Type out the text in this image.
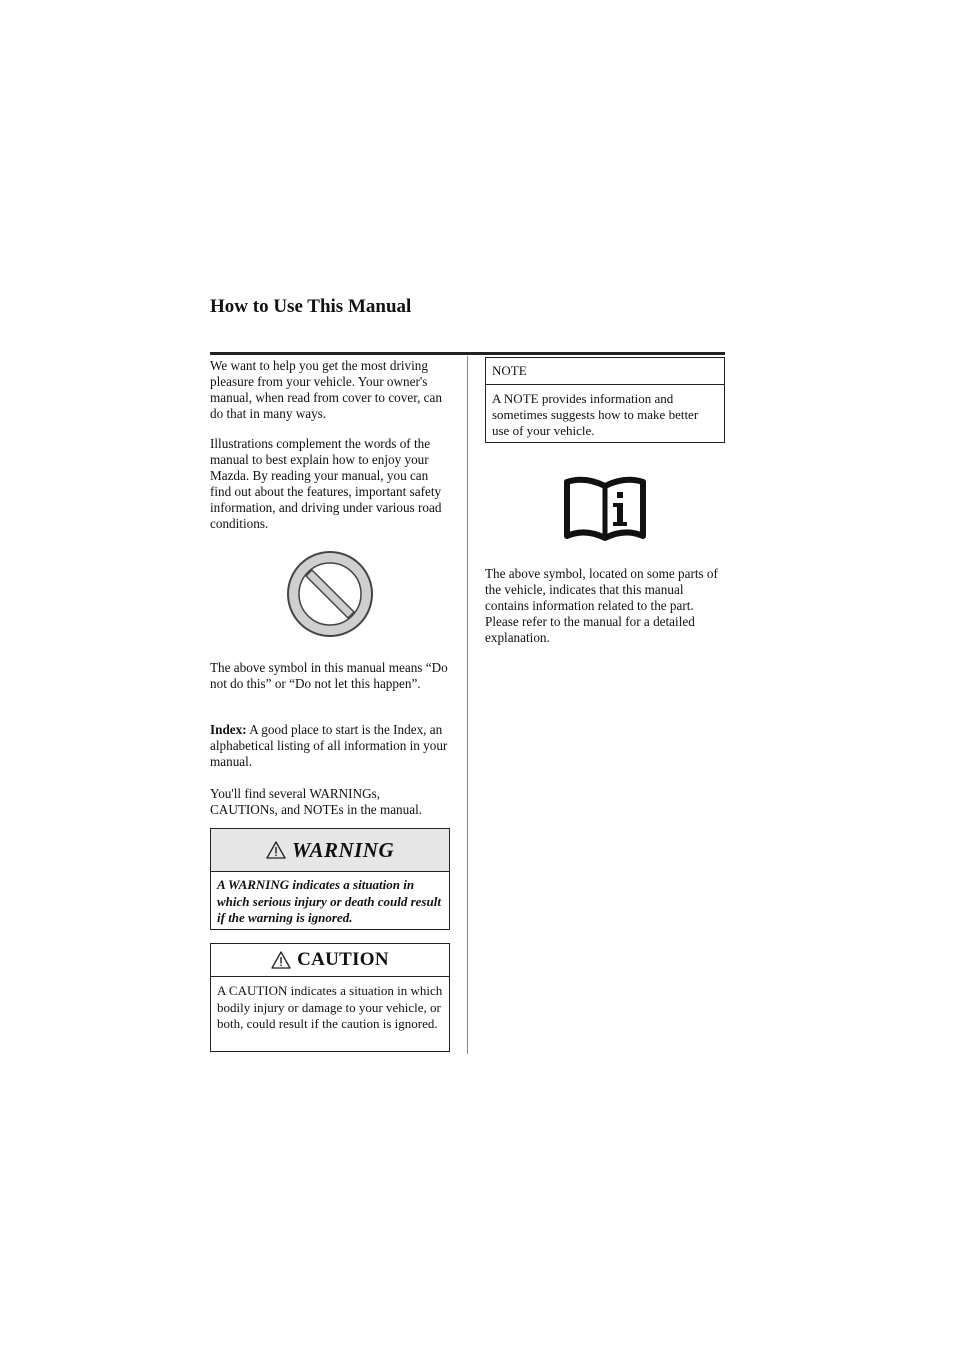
How to Use This Manual

We want to help you get the most driving pleasure from your vehicle. Your owner's manual, when read from cover to cover, can do that in many ways.

Illustrations complement the words of the manual to best explain how to enjoy your Mazda. By reading your manual, you can find out about the features, important safety information, and driving under various road conditions.

The above symbol in this manual means “Do not do this” or “Do not let this happen”.

Index: A good place to start is the Index, an alphabetical listing of all information in your manual.

You'll find several WARNINGs, CAUTIONs, and NOTEs in the manual.

WARNING

A WARNING indicates a situation in which serious injury or death could result if the warning is ignored.

CAUTION

A CAUTION indicates a situation in which bodily injury or damage to your vehicle, or both, could result if the caution is ignored.

NOTE

A NOTE provides information and sometimes suggests how to make better use of your vehicle.

The above symbol, located on some parts of the vehicle, indicates that this manual contains information related to the part. Please refer to the manual for a detailed explanation.
